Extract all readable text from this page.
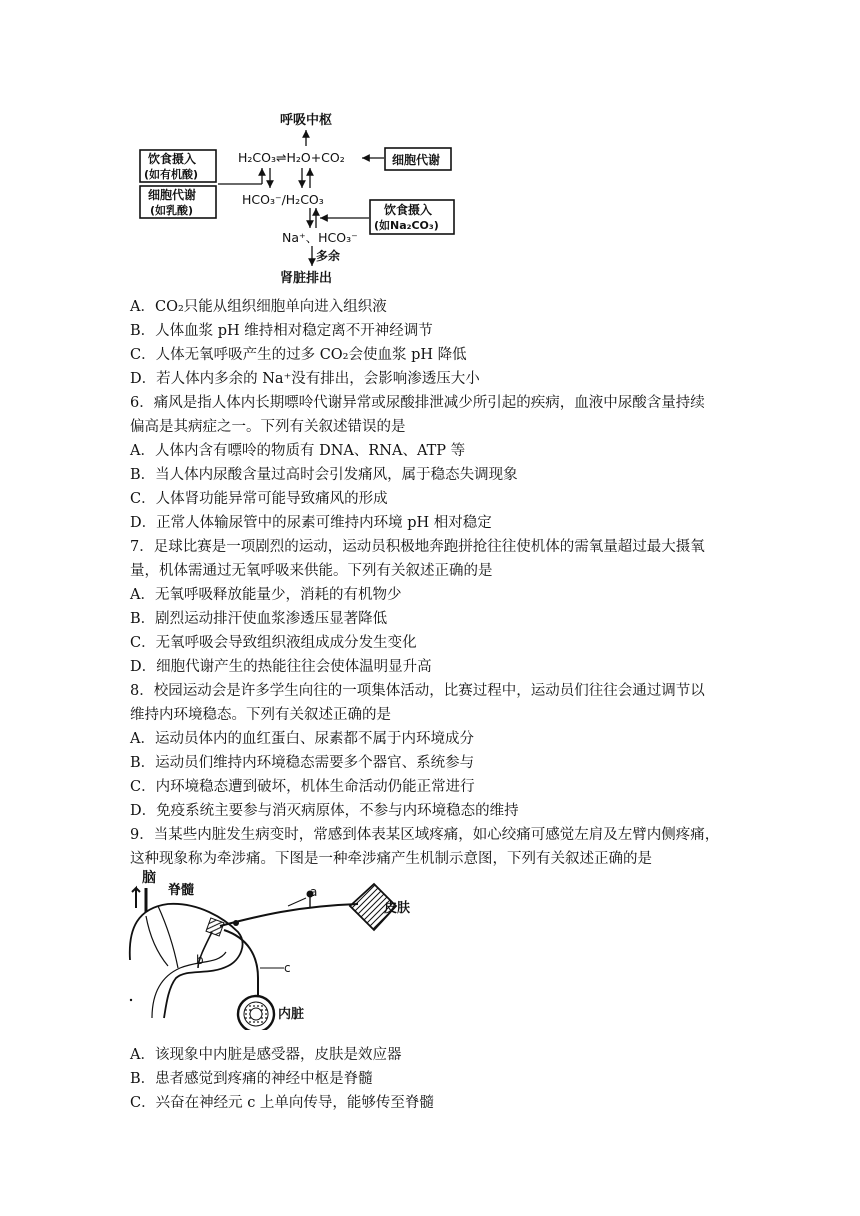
呼吸中枢
饮食摄入
(如有机酸)
细胞代谢
(如乳酸)
H₂CO₃⇌H₂O+CO₂	细胞代谢
HCO₃⁻/H₂CO₃
饮食摄入
(如Na₂CO₃)
Na⁺、HCO₃⁻
多余
肾脏排出
A．CO₂只能从组织细胞单向进入组织液
B．人体血浆 pH 维持相对稳定离不开神经调节
C．人体无氧呼吸产生的过多 CO₂会使血浆 pH 降低
D．若人体内多余的 Na⁺没有排出，会影响渗透压大小
6．痛风是指人体内长期嘌呤代谢异常或尿酸排泄减少所引起的疾病，血液中尿酸含量持续
偏高是其病症之一。下列有关叙述错误的是
A．人体内含有嘌呤的物质有 DNA、RNA、ATP 等
B．当人体内尿酸含量过高时会引发痛风，属于稳态失调现象
C．人体肾功能异常可能导致痛风的形成
D．正常人体输尿管中的尿素可维持内环境 pH 相对稳定
7．足球比赛是一项剧烈的运动，运动员积极地奔跑拼抢往往使机体的需氧量超过最大摄氧
量，机体需通过无氧呼吸来供能。下列有关叙述正确的是
A．无氧呼吸释放能量少，消耗的有机物少
B．剧烈运动排汗使血浆渗透压显著降低
C．无氧呼吸会导致组织液组成成分发生变化
D．细胞代谢产生的热能往往会使体温明显升高
8．校园运动会是许多学生向往的一项集体活动，比赛过程中，运动员们往往会通过调节以
维持内环境稳态。下列有关叙述正确的是
A．运动员体内的血红蛋白、尿素都不属于内环境成分
B．运动员们维持内环境稳态需要多个器官、系统参与
C．内环境稳态遭到破坏，机体生命活动仍能正常进行
D．免疫系统主要参与消灭病原体，不参与内环境稳态的维持
9．当某些内脏发生病变时，常感到体表某区域疼痛，如心绞痛可感觉左肩及左臂内侧疼痛，
这种现象称为牵涉痛。下图是一种牵涉痛产生机制示意图，下列有关叙述正确的是
脑
脊髓	a
b
c
皮肤
内脏
A．该现象中内脏是感受器，皮肤是效应器
B．患者感觉到疼痛的神经中枢是脊髓
C．兴奋在神经元 c 上单向传导，能够传至脊髓
